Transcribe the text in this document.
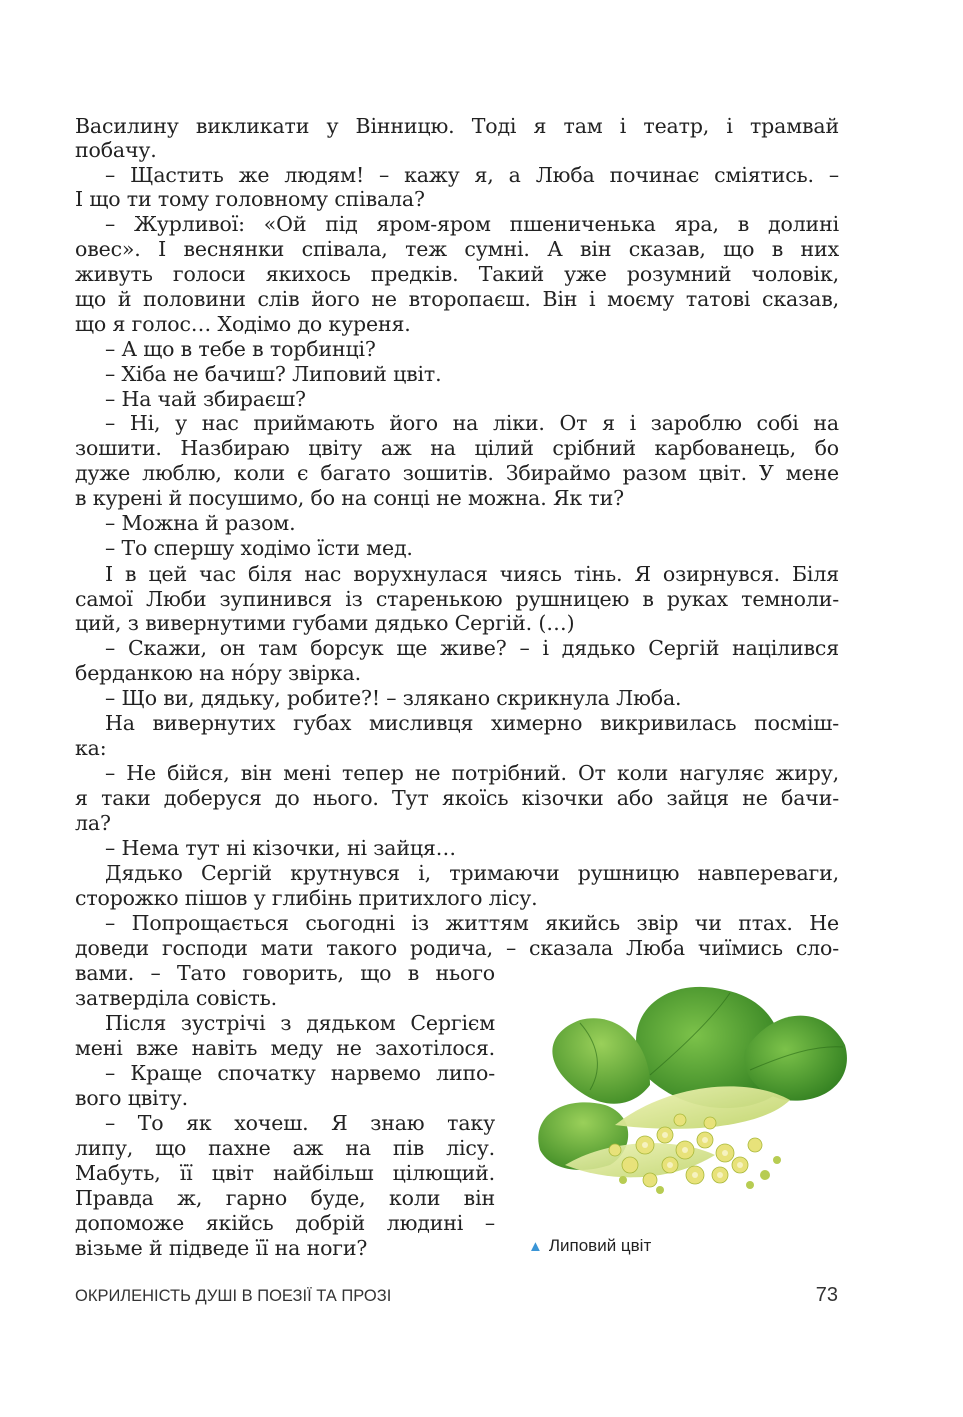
Василину викликати у Вінницю. Тоді я там і театр, і трамвай
побачу.
– Щастить же людям! – кажу я, а Люба починає сміятись. –
І що ти тому головному співала?
– Журливої: «Ой під яром-яром пшениченька яра, в долині
овес». І веснянки співала, теж сумні. А він сказав, що в них
живуть голоси якихось предків. Такий уже розумний чоловік,
що й половини слів його не второпаєш. Він і моєму татові сказав,
що я голос… Ходімо до куреня.
– А що в тебе в торбинці?
– Хіба не бачиш? Липовий цвіт.
– На чай збираєш?
– Ні, у нас приймають його на ліки. От я і зароблю собі на
зошити. Назбираю цвіту аж на цілий срібний карбованець, бо
дуже люблю, коли є багато зошитів. Збираймо разом цвіт. У мене
в курені й посушимо, бо на сонці не можна. Як ти?
– Можна й разом.
– То спершу ходімо їсти мед.
І в цей час біля нас ворухнулася чиясь тінь. Я озирнувся. Біля
самої Люби зупинився із старенькою рушницею в руках темноли-
ций, з вивернутими губами дядько Сергій. (…)
– Скажи, он там борсук ще живе? – і дядько Сергій націлився
берданкою на нóру звірка.
– Що ви, дядьку, робите?! – злякано скрикнула Люба.
На вивернутих губах мисливця химерно викривилась посміш-
ка:
– Не бійся, він мені тепер не потрібний. От коли нагуляє жиру,
я таки доберуся до нього. Тут якоїсь кізочки або зайця не бачи-
ла?
– Нема тут ні кізочки, ні зайця…
Дядько Сергій крутнувся і, тримаючи рушницю навпереваги,
сторожко пішов у глибінь притихлого лісу.
– Попрощається сьогодні із життям якийсь звір чи птах. Не
доведи господи мати такого родича, – сказала Люба чиїмись сло-
вами. – Тато говорить, що в нього
затверділа совість.
Після зустрічі з дядьком Сергієм
мені вже навіть меду не захотілося.
– Краще спочатку нарвемо липо-
вого цвіту.
– То як хочеш. Я знаю таку
липу, що пахне аж на пів лісу.
Мабуть, її цвіт найбільш цілющий.
Правда ж, гарно буде, коли він
допоможе якійсь добрій людині –
візьме й підведе її на ноги?	▲ Липовий цвіт
ОКРИЛЕНІСТЬ ДУШІ В ПОЕЗІЇ ТА ПРОЗІ	73
